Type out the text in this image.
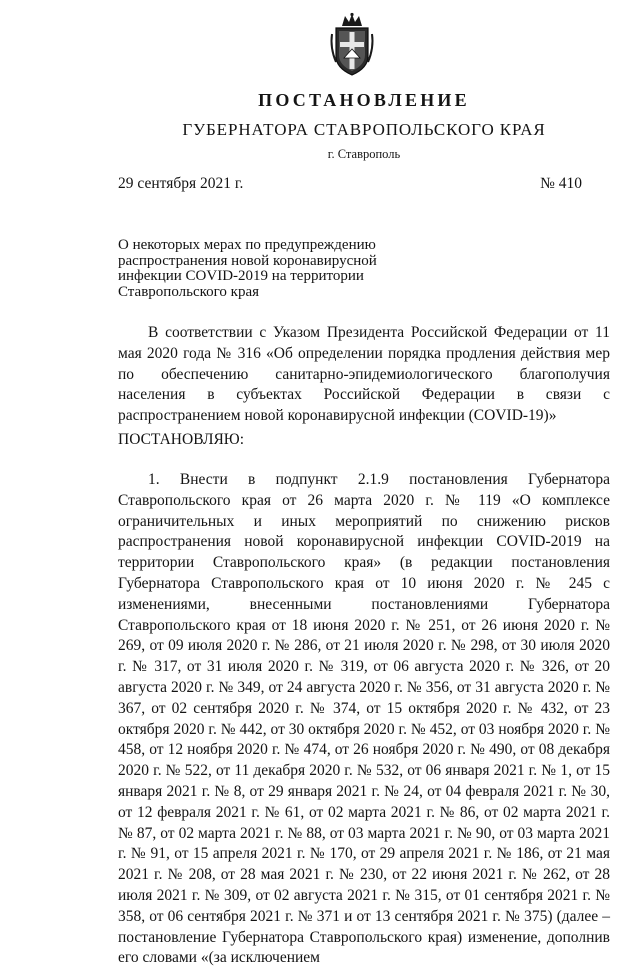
ПОСТАНОВЛЕНИЕ
ГУБЕРНАТОРА СТАВРОПОЛЬСКОГО КРАЯ
г. Ставрополь
29 сентября 2021 г.	№ 410

О некоторых мерах по предупреждению
распространения новой коронавирусной
инфекции COVID-2019 на территории
Ставропольского края

В соответствии с Указом Президента Российской Федерации от 11 мая 2020 года № 316 «Об определении порядка продления действия мер по обеспечению санитарно-эпидемиологического благополучия населения в субъектах Российской Федерации в связи с распространением новой коронавирусной инфекции (COVID-19)»

ПОСТАНОВЛЯЮ:

1. Внести в подпункт 2.1.9 постановления Губернатора Ставропольского края от 26 марта 2020 г. № 119 «О комплексе ограничительных и иных мероприятий по снижению рисков распространения новой коронавирусной инфекции COVID-2019 на территории Ставропольского края» (в редакции постановления Губернатора Ставропольского края от 10 июня 2020 г. № 245 с изменениями, внесенными постановлениями Губернатора Ставропольского края от 18 июня 2020 г. № 251, от 26 июня 2020 г. № 269, от 09 июля 2020 г. № 286, от 21 июля 2020 г. № 298, от 30 июля 2020 г. № 317, от 31 июля 2020 г. № 319, от 06 августа 2020 г. № 326, от 20 августа 2020 г. № 349, от 24 августа 2020 г. № 356, от 31 августа 2020 г. № 367, от 02 сентября 2020 г. № 374, от 15 октября 2020 г. № 432, от 23 октября 2020 г. № 442, от 30 октября 2020 г. № 452, от 03 ноября 2020 г. № 458, от 12 ноября 2020 г. № 474, от 26 ноября 2020 г. № 490, от 08 декабря 2020 г. № 522, от 11 декабря 2020 г. № 532, от 06 января 2021 г. № 1, от 15 января 2021 г. № 8, от 29 января 2021 г. № 24, от 04 февраля 2021 г. № 30, от 12 февраля 2021 г. № 61, от 02 марта 2021 г. № 86, от 02 марта 2021 г. № 87, от 02 марта 2021 г. № 88, от 03 марта 2021 г. № 90, от 03 марта 2021 г. № 91, от 15 апреля 2021 г. № 170, от 29 апреля 2021 г. № 186, от 21 мая 2021 г. № 208, от 28 мая 2021 г. № 230, от 22 июня 2021 г. № 262, от 28 июля 2021 г. № 309, от 02 августа 2021 г. № 315, от 01 сентября 2021 г. № 358, от 06 сентября 2021 г. № 371 и от 13 сентября 2021 г. № 375) (далее – постановление Губернатора Ставропольского края) изменение, дополнив его словами «(за исключением
